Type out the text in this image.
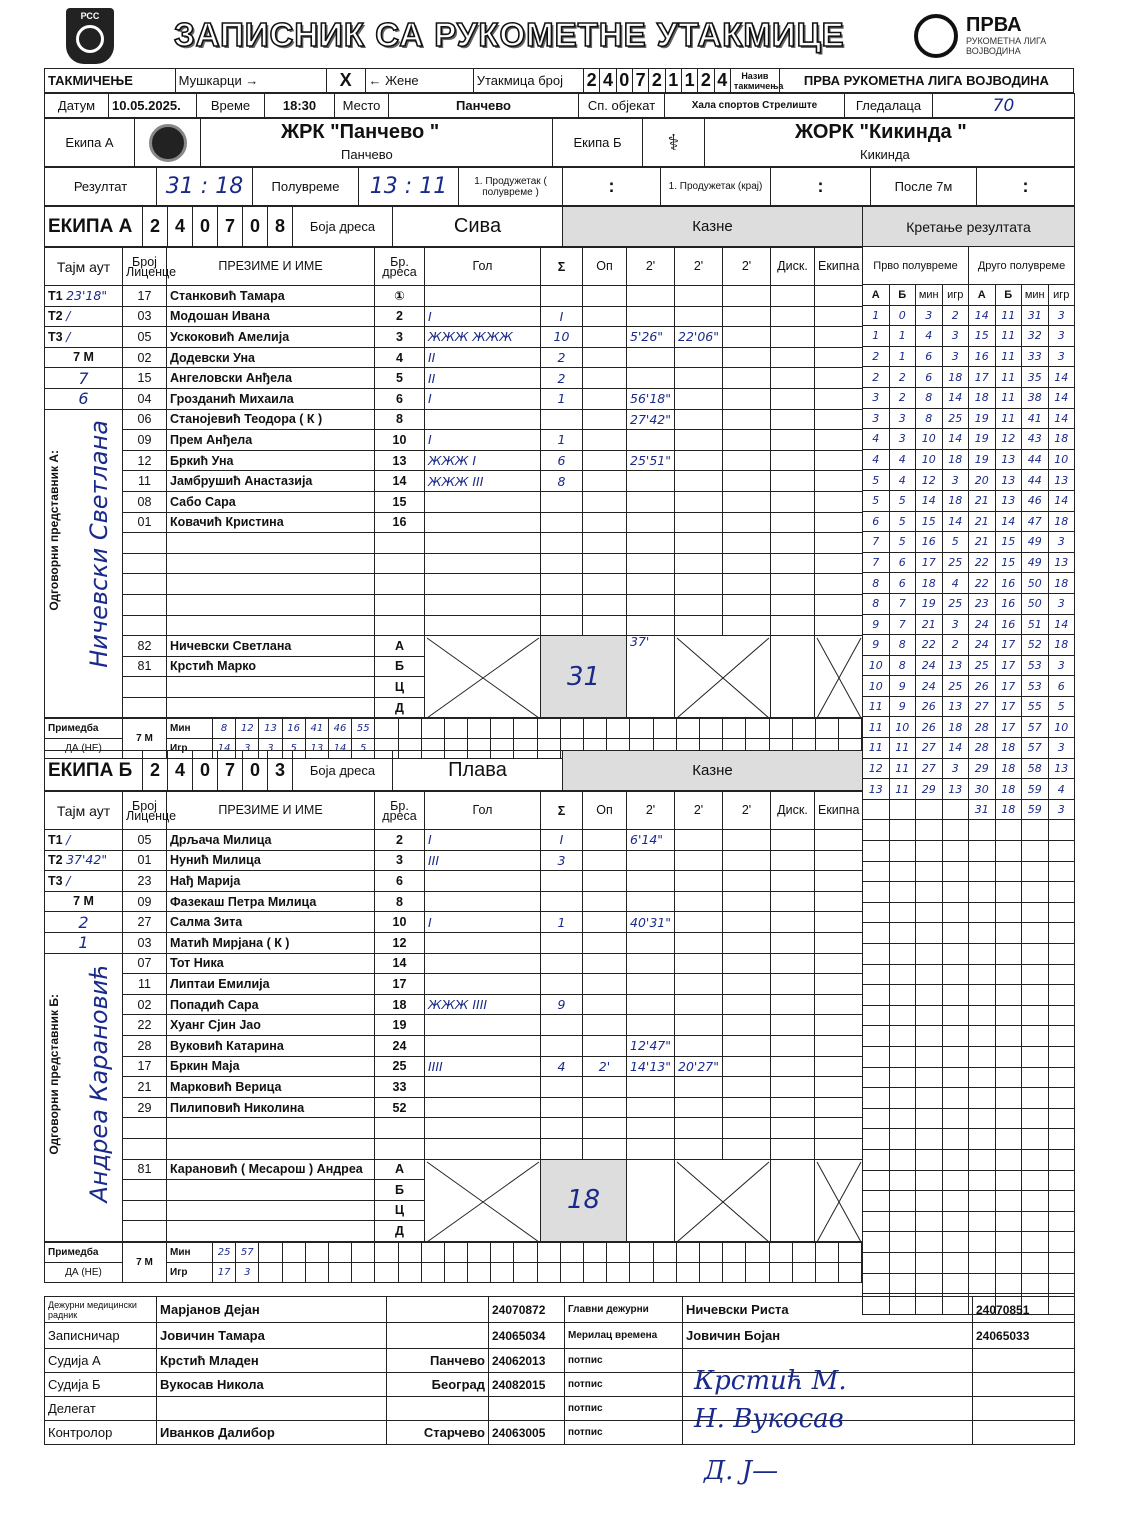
РСС	ЗАПИСНИК СА РУКОМЕТНЕ УТАКМИЦЕ	ПРВА
РУКОМЕТНА ЛИГА
ВОЈВОДИНА
ТАКМИЧЕЊЕ	Мушкарци →	X	← Жене	Утакмица број	2	4	0	7	2	1	1	2	4	Назив такмичења	ПРВА РУКОМЕТНА ЛИГА ВОЈВОДИНА
Датум	10.05.2025.	Време	18:30	Место	Панчево	Сп. објекат	Хала спортов Стрелиште	Гледалаца	70
Екипа А		ЖРК "Панчево "
Панчево
	Екипа Б	⚕	ЖОРК "Кикинда "
Кикинда
Резултат	31 : 18	Полувреме	13 : 11	1. Продужетак ( полувреме )	:	1. Продужетак (крај)	:	После 7м	:
ЕКИПА А	2	4	0	7	0	8	Боја дреса	Сива	Казне
Тајм аут	Број Лиценце	ПРЕЗИМЕ И ИМЕ	Бр. дреса	Гол	Σ	Оп	2'	2'	2'	Диск.	Екипна
Т1 23'18"	17	Станковић Тамара	①								
Т2 /	03	Модошан Ивана	2	I	I						
Т3 /	05	Ускоковић Амелија	3	ЖЖЖ ЖЖЖ	10		5'26"	22'06"			
7 М	02	Додевски Уна	4	II	2						
7	15	Ангеловски Анђела	5	II	2						
6	04	Грозданић Михаила	6	I	1		56'18"				

Одговорни представник А: Ничевски Светлана	06	Станојевић Теодора ( К )	8				27'42"				
	09	Прем Анђела	10	I	1						
	12	Бркић Уна	13	ЖЖЖ I	6		25'51"				
	11	Јамбрушић Анастазија	14	ЖЖЖ III	8						
	08	Сабо Сара	15								
	01	Ковачић Кристина	16								

	82	Ничевски Светлана	А		31		37'	

	81	Крстић Марко	Б								
			Ц								
			Д								
Примедба	7 М	Мин	8	12	13	16	41	46	55																					
ДА (НЕ)		Игр	14	3	3	5	13	14	5																					
ЕКИПА Б	2	4	0	7	0	3	Боја дреса	Плава	Казне
Тајм аут	Број Лиценце	ПРЕЗИМЕ И ИМЕ	Бр. дреса	Гол	Σ	Оп	2'	2'	2'	Диск.	Екипна
Т1 /	05	Дрљача Милица	2	I	I		6'14"				
Т2 37'42"	01	Нунић Милица	3	III	3						
Т3 /	23	Нађ Марија	6								
7 М	09	Фазекаш Петра Милица	8								
2	27	Салма Зита	10	I	1		40'31"				
1	03	Матић Мирјана ( К )	12								

Одговорни представник Б: Андреа Карановић	07	Тот Ника	14								
	11	Липтаи Емилија	17								
	02	Попадић Сара	18	ЖЖЖ IIII	9						
	22	Хуанг Сјин Јао	19								
	28	Вуковић Катарина	24				12'47"				
	17	Бркин Маја	25	IIII	4	2'	14'13"	20'27"			
	21	Марковић Верица	33								
	29	Пилиповић Николина	52								

	81	Карановић ( Месарош ) Андреа	А		18		

			Б								
			Ц								
			Д								
Примедба	7 М	Мин	25	57																										
ДА (НЕ)		Игр	17	3																										
Кретање резултата							
Прво полувреме				Друго полувреме			
А	Б	мин	игр	А	Б	мин	игр
1	0	3	2	14	11	31	3
1	1	4	3	15	11	32	3
2	1	6	3	16	11	33	3
2	2	6	18	17	11	35	14
3	2	8	14	18	11	38	14
3	3	8	25	19	11	41	14
4	3	10	14	19	12	43	18
4	4	10	18	19	13	44	10
5	4	12	3	20	13	44	13
5	5	14	18	21	13	46	14
6	5	15	14	21	14	47	18
7	5	16	5	21	15	49	3
7	6	17	25	22	15	49	13
8	6	18	4	22	16	50	18
8	7	19	25	23	16	50	3
9	7	21	3	24	16	51	14
9	8	22	2	24	17	52	18
10	8	24	13	25	17	53	3
10	9	24	25	26	17	53	6
11	9	26	13	27	17	55	5
11	10	26	18	28	17	57	10
11	11	27	14	28	18	57	3
12	11	27	3	29	18	58	13
13	11	29	13	30	18	59	4
				31	18	59	3

Дежурни медицински радник	Марјанов Дејан		24070872	Главни дежурни	Ничевски Риста	24070851
Записничар	Јовичин Тамара		24065034	Мерилац времена	Јовичин Бојан	24065033
Судија А	Крстић Младен	Панчево	24062013	потпис		
Судија Б	Вукосав Никола	Београд	24082015	потпис		
Делегат				потпис		
Контролор	Иванков Далибор	Старчево	24063005	потпис		
Крстић М.
Н. Вукосав
Д. Ј—
